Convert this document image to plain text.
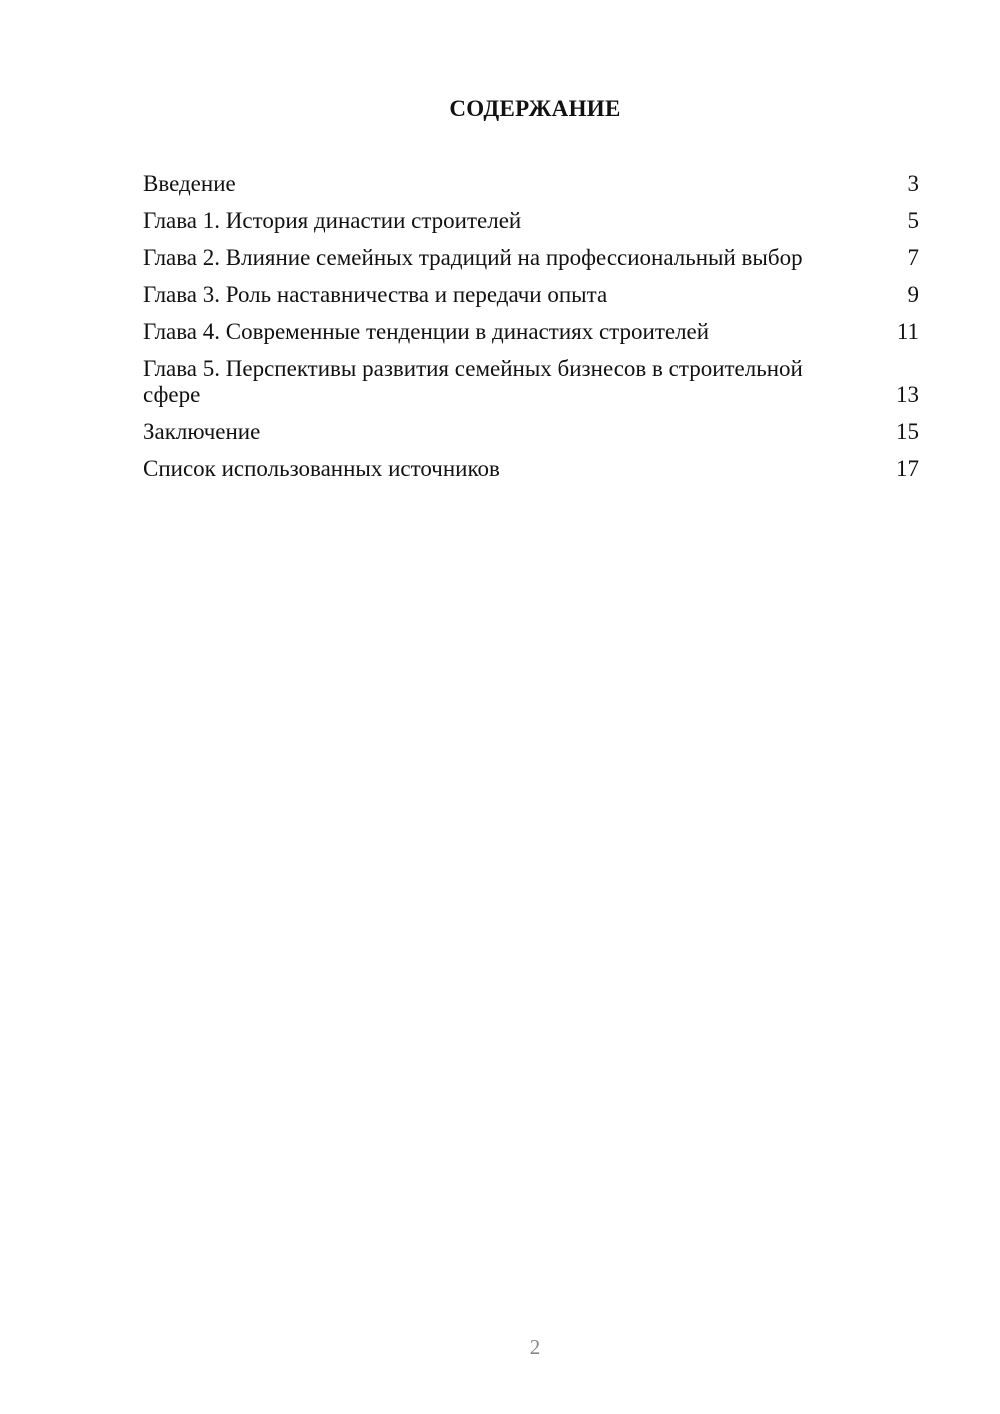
СОДЕРЖАНИЕ
Введение	3
Глава 1. История династии строителей	5
Глава 2. Влияние семейных традиций на профессиональный выбор	7
Глава 3. Роль наставничества и передачи опыта	9
Глава 4. Современные тенденции в династиях строителей	11
Глава 5. Перспективы развития семейных бизнесов в строительной сфере	13
Заключение	15
Список использованных источников	17
2
